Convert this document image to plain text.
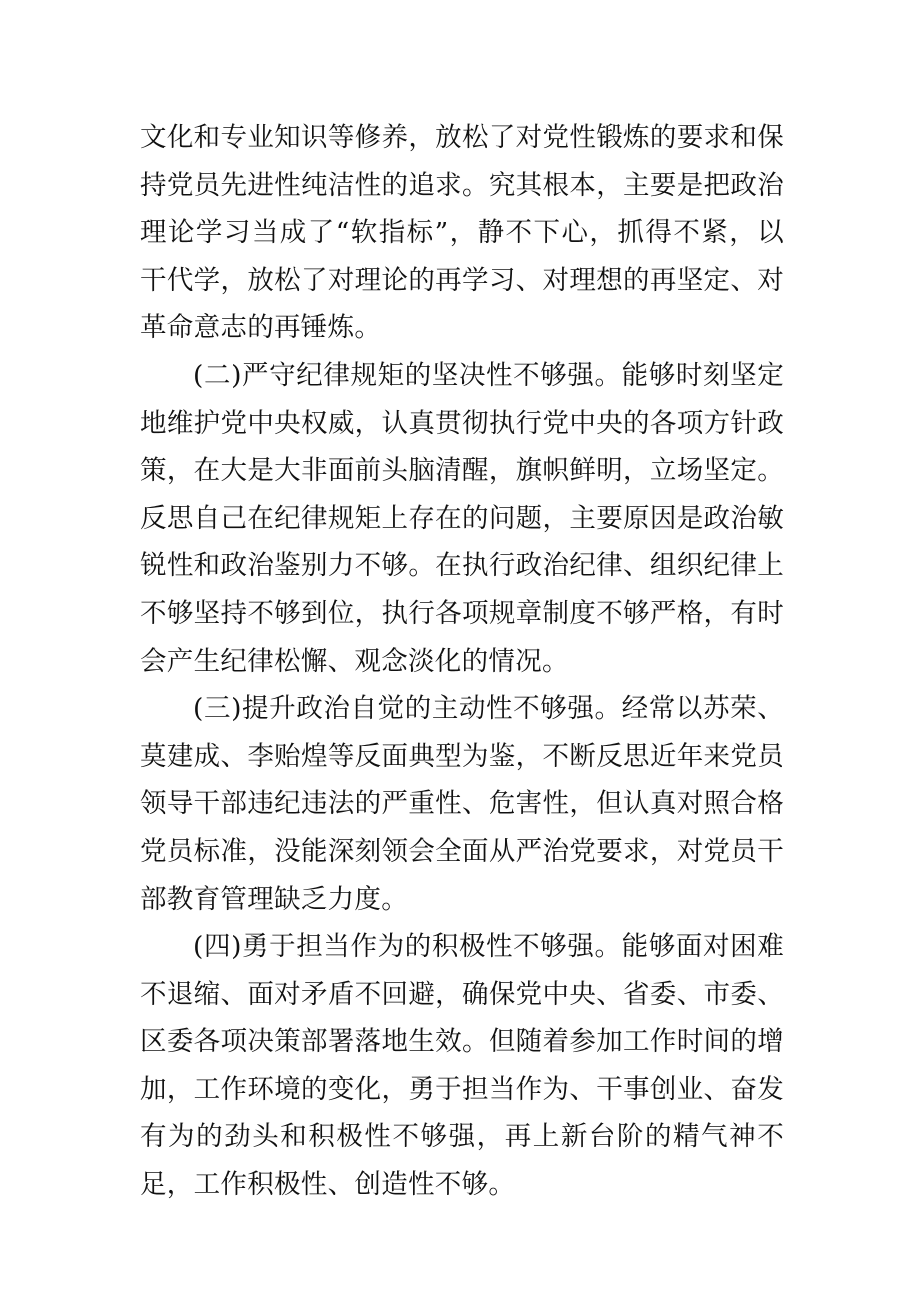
文化和专业知识等修养，放松了对党性锻炼的要求和保持党员先进性纯洁性的追求。究其根本，主要是把政治理论学习当成了“软指标”，静不下心，抓得不紧，以干代学，放松了对理论的再学习、对理想的再坚定、对革命意志的再锤炼。

(二)严守纪律规矩的坚决性不够强。能够时刻坚定地维护党中央权威，认真贯彻执行党中央的各项方针政策，在大是大非面前头脑清醒，旗帜鲜明，立场坚定。反思自己在纪律规矩上存在的问题，主要原因是政治敏锐性和政治鉴别力不够。在执行政治纪律、组织纪律上不够坚持不够到位，执行各项规章制度不够严格，有时会产生纪律松懈、观念淡化的情况。

(三)提升政治自觉的主动性不够强。经常以苏荣、莫建成、李贻煌等反面典型为鉴，不断反思近年来党员领导干部违纪违法的严重性、危害性，但认真对照合格党员标准，没能深刻领会全面从严治党要求，对党员干部教育管理缺乏力度。

(四)勇于担当作为的积极性不够强。能够面对困难不退缩、面对矛盾不回避，确保党中央、省委、市委、区委各项决策部署落地生效。但随着参加工作时间的增加，工作环境的变化，勇于担当作为、干事创业、奋发有为的劲头和积极性不够强，再上新台阶的精气神不足，工作积极性、创造性不够。
